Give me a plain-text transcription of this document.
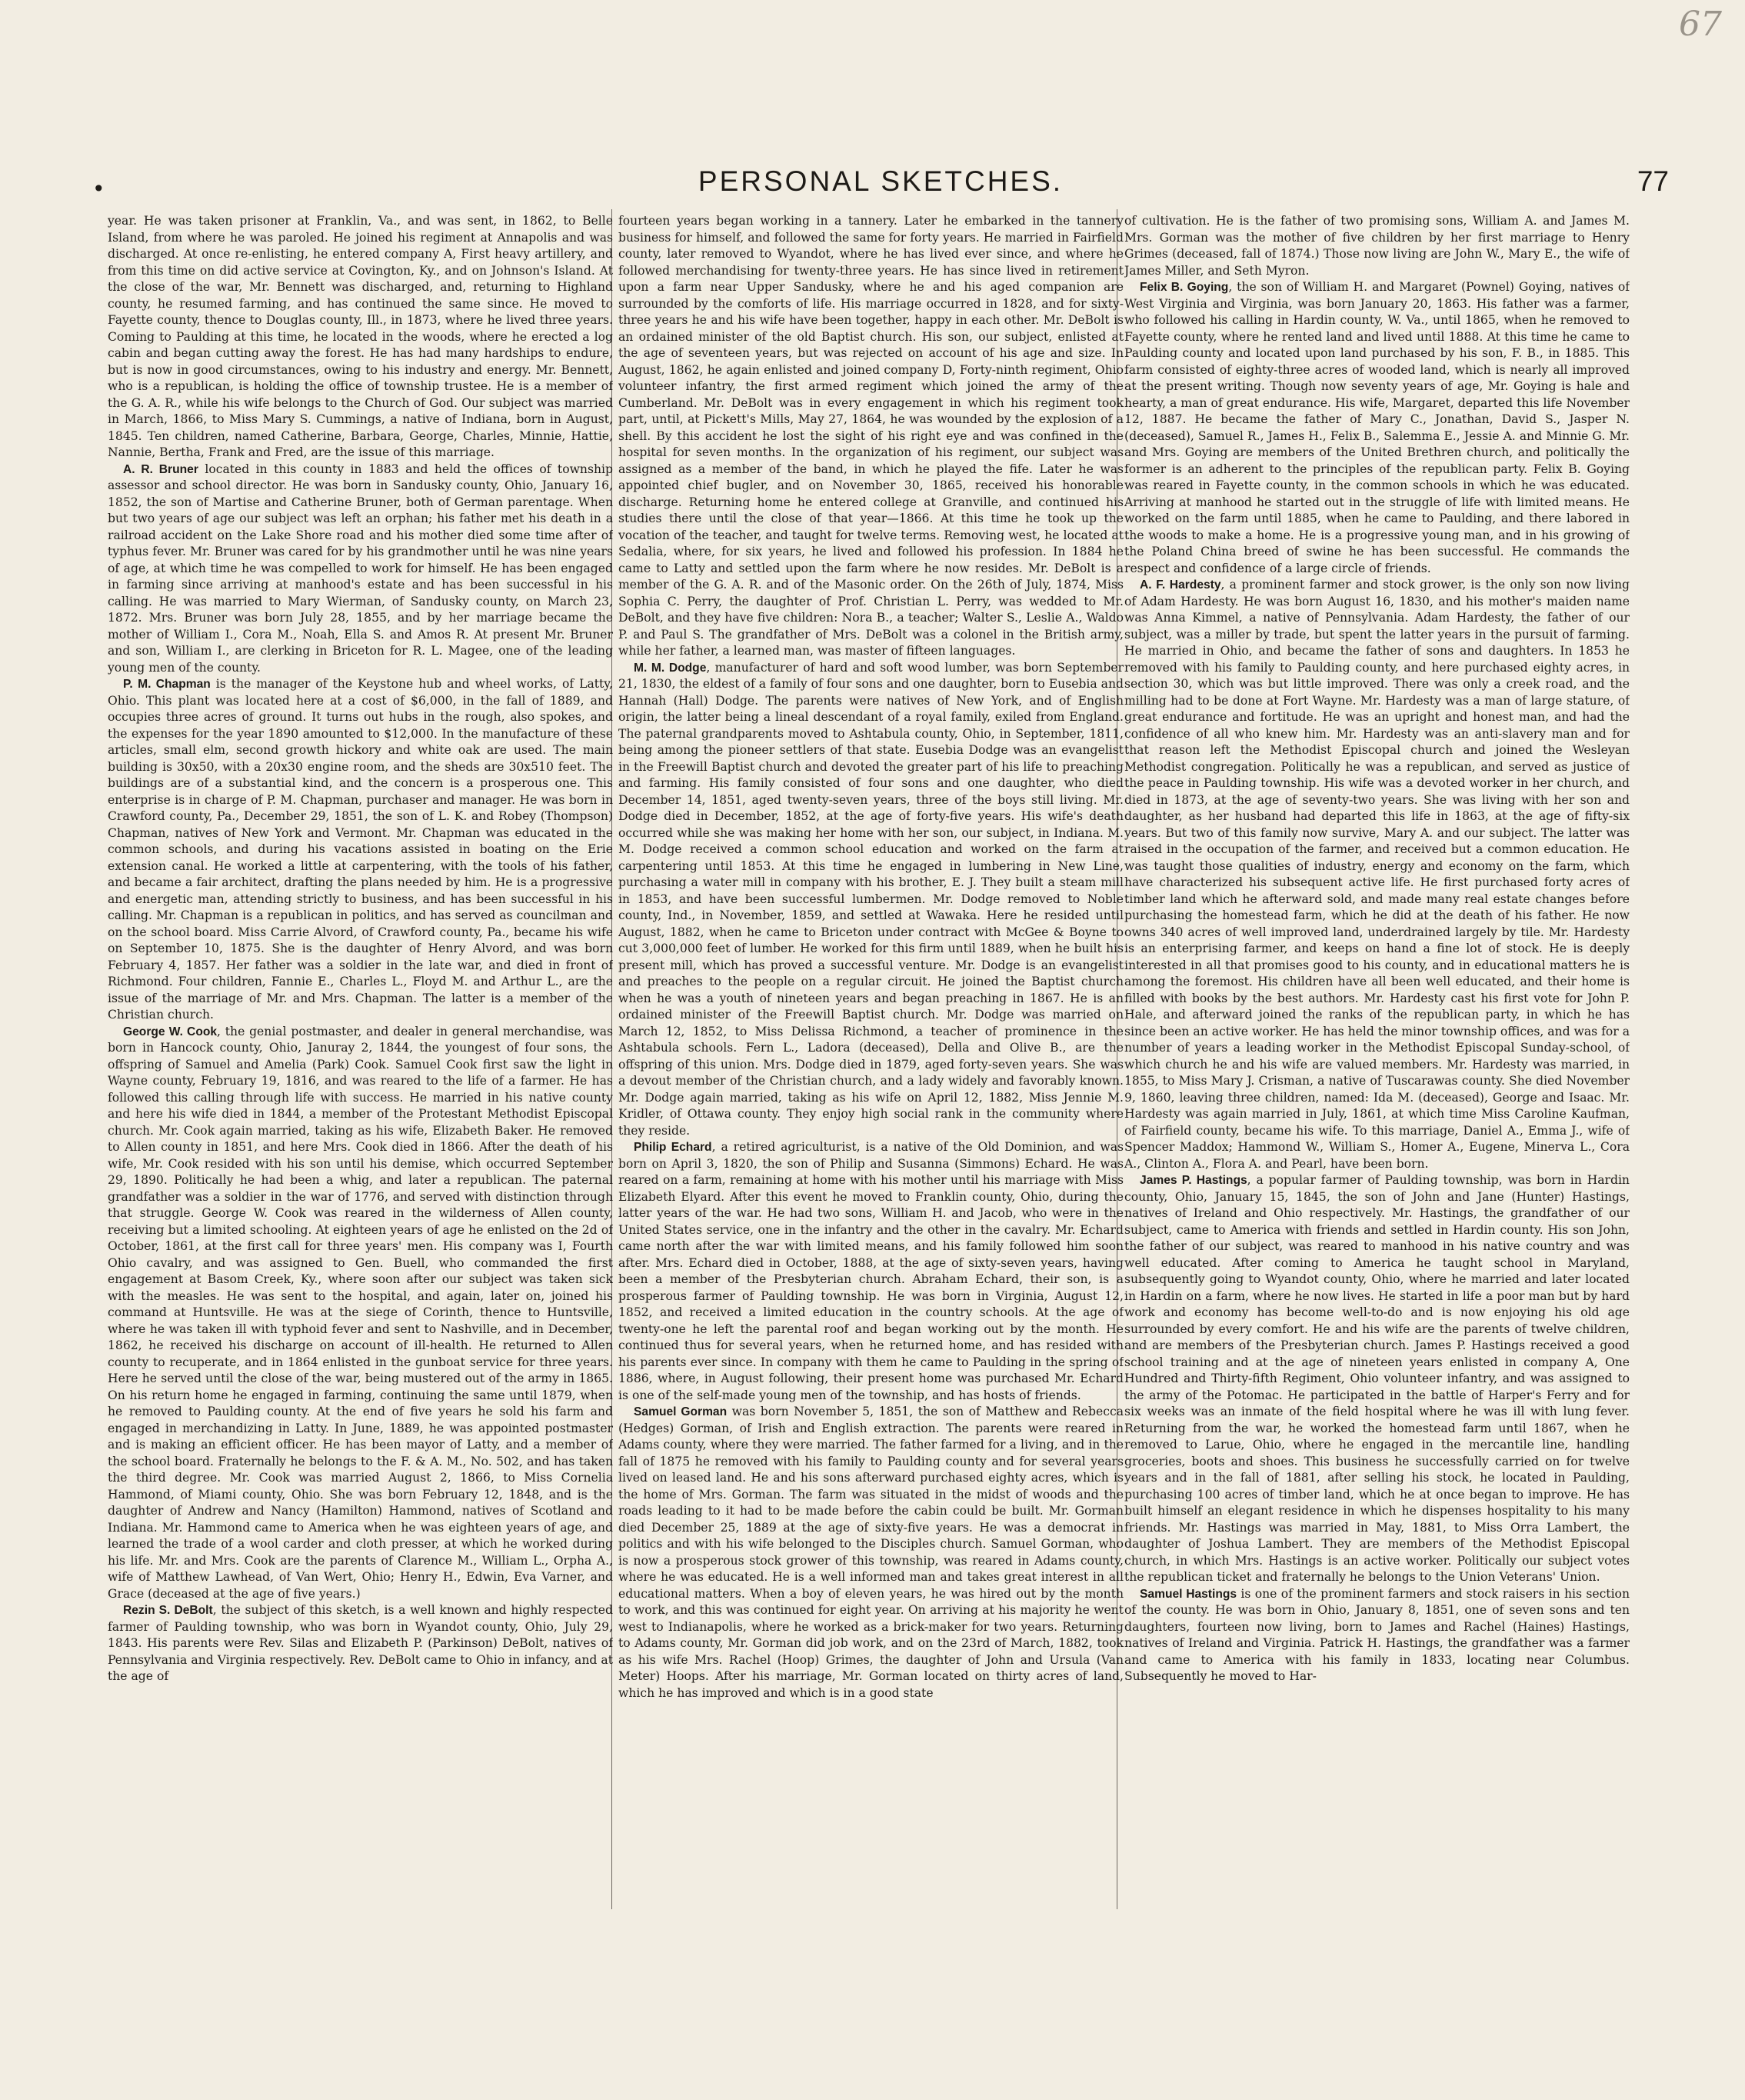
67
•	PERSONAL SKETCHES.	77

year. He was taken prisoner at Franklin, Va., and was sent, in 1862, to Belle Island, from where he was paroled. He joined his regiment at Annapolis and was discharged. At once re-enlisting, he entered company A, First heavy artillery, and from this time on did active service at Covington, Ky., and on Johnson's Island. At the close of the war, Mr. Bennett was discharged, and, returning to Highland county, he resumed farming, and has continued the same since. He moved to Fayette county, thence to Douglas county, Ill., in 1873, where he lived three years. Coming to Paulding at this time, he located in the woods, where he erected a log cabin and began cutting away the forest. He has had many hardships to endure, but is now in good circumstances, owing to his industry and energy. Mr. Bennett, who is a republican, is holding the office of township trustee. He is a member of the G. A. R., while his wife belongs to the Church of God. Our subject was married in March, 1866, to Miss Mary S. Cummings, a native of Indiana, born in August, 1845. Ten children, named Catherine, Barbara, George, Charles, Minnie, Hattie, Nannie, Bertha, Frank and Fred, are the issue of this marriage.

A. R. Bruner located in this county in 1883 and held the offices of township assessor and school director. He was born in Sandusky county, Ohio, January 16, 1852, the son of Martise and Catherine Bruner, both of German parentage. When but two years of age our subject was left an orphan; his father met his death in a railroad accident on the Lake Shore road and his mother died some time after of typhus fever. Mr. Bruner was cared for by his grandmother until he was nine years of age, at which time he was compelled to work for himself. He has been engaged in farming since arriving at manhood's estate and has been successful in his calling. He was married to Mary Wierman, of Sandusky county, on March 23, 1872. Mrs. Bruner was born July 28, 1855, and by her marriage became the mother of William I., Cora M., Noah, Ella S. and Amos R. At present Mr. Bruner and son, William I., are clerking in Briceton for R. L. Magee, one of the leading young men of the county.

P. M. Chapman is the manager of the Keystone hub and wheel works, of Latty, Ohio. This plant was located here at a cost of $6,000, in the fall of 1889, and occupies three acres of ground. It turns out hubs in the rough, also spokes, and the expenses for the year 1890 amounted to $12,000. In the manufacture of these articles, small elm, second growth hickory and white oak are used. The main building is 30x50, with a 20x30 engine room, and the sheds are 30x510 feet. The buildings are of a substantial kind, and the concern is a prosperous one. This enterprise is in charge of P. M. Chapman, purchaser and manager. He was born in Crawford county, Pa., December 29, 1851, the son of L. K. and Robey (Thompson) Chapman, natives of New York and Vermont. Mr. Chapman was educated in the common schools, and during his vacations assisted in boating on the Erie extension canal. He worked a little at carpentering, with the tools of his father, and became a fair architect, drafting the plans needed by him. He is a progressive and energetic man, attending strictly to business, and has been successful in his calling. Mr. Chapman is a republican in politics, and has served as councilman and on the school board. Miss Carrie Alvord, of Crawford county, Pa., became his wife on September 10, 1875. She is the daughter of Henry Alvord, and was born February 4, 1857. Her father was a soldier in the late war, and died in front of Richmond. Four children, Fannie E., Charles L., Floyd M. and Arthur L., are the issue of the marriage of Mr. and Mrs. Chapman. The latter is a member of the Christian church.

George W. Cook, the genial postmaster, and dealer in general merchandise, was born in Hancock county, Ohio, Januray 2, 1844, the youngest of four sons, the offspring of Samuel and Amelia (Park) Cook. Samuel Cook first saw the light in Wayne county, February 19, 1816, and was reared to the life of a farmer. He has followed this calling through life with success. He married in his native county and here his wife died in 1844, a member of the Protestant Methodist Episcopal church. Mr. Cook again married, taking as his wife, Elizabeth Baker. He removed to Allen county in 1851, and here Mrs. Cook died in 1866. After the death of his wife, Mr. Cook resided with his son until his demise, which occurred September 29, 1890. Politically he had been a whig, and later a republican. The paternal grandfather was a soldier in the war of 1776, and served with distinction through that struggle. George W. Cook was reared in the wilderness of Allen county, receiving but a limited schooling. At eighteen years of age he enlisted on the 2d of October, 1861, at the first call for three years' men. His company was I, Fourth Ohio cavalry, and was assigned to Gen. Buell, who commanded the first engagement at Basom Creek, Ky., where soon after our subject was taken sick with the measles. He was sent to the hospital, and again, later on, joined his command at Huntsville. He was at the siege of Corinth, thence to Huntsville, where he was taken ill with typhoid fever and sent to Nashville, and in December, 1862, he received his discharge on account of ill-health. He returned to Allen county to recuperate, and in 1864 enlisted in the gunboat service for three years. Here he served until the close of the war, being mustered out of the army in 1865. On his return home he engaged in farming, continuing the same until 1879, when he removed to Paulding county. At the end of five years he sold his farm and engaged in merchandizing in Latty. In June, 1889, he was appointed postmaster and is making an efficient officer. He has been mayor of Latty, and a member of the school board. Fraternally he belongs to the F. & A. M., No. 502, and has taken the third degree. Mr. Cook was married August 2, 1866, to Miss Cornelia Hammond, of Miami county, Ohio. She was born February 12, 1848, and is the daughter of Andrew and Nancy (Hamilton) Hammond, natives of Scotland and Indiana. Mr. Hammond came to America when he was eighteen years of age, and learned the trade of a wool carder and cloth presser, at which he worked during his life. Mr. and Mrs. Cook are the parents of Clarence M., William L., Orpha A., wife of Matthew Lawhead, of Van Wert, Ohio; Henry H., Edwin, Eva Varner, and Grace (deceased at the age of five years.)

Rezin S. DeBolt, the subject of this sketch, is a well known and highly respected farmer of Paulding township, who was born in Wyandot county, Ohio, July 29, 1843. His parents were Rev. Silas and Elizabeth P. (Parkinson) DeBolt, natives of Pennsylvania and Virginia respectively. Rev. DeBolt came to Ohio in infancy, and at the age of

fourteen years began working in a tannery. Later he embarked in the tannery business for himself, and followed the same for forty years. He married in Fairfield county, later removed to Wyandot, where he has lived ever since, and where he followed merchandising for twenty-three years. He has since lived in retirement upon a farm near Upper Sandusky, where he and his aged companion are surrounded by the comforts of life. His marriage occurred in 1828, and for sixty-three years he and his wife have been together, happy in each other. Mr. DeBolt is an ordained minister of the old Baptist church. His son, our subject, enlisted at the age of seventeen years, but was rejected on account of his age and size. In August, 1862, he again enlisted and joined company D, Forty-ninth regiment, Ohio volunteer infantry, the first armed regiment which joined the army of the Cumberland. Mr. DeBolt was in every engagement in which his regiment took part, until, at Pickett's Mills, May 27, 1864, he was wounded by the explosion of a shell. By this accident he lost the sight of his right eye and was confined in the hospital for seven months. In the organization of his regiment, our subject was assigned as a member of the band, in which he played the fife. Later he was appointed chief bugler, and on November 30, 1865, received his honorable discharge. Returning home he entered college at Granville, and continued his studies there until the close of that year—1866. At this time he took up the vocation of the teacher, and taught for twelve terms. Removing west, he located at Sedalia, where, for six years, he lived and followed his profession. In 1884 he came to Latty and settled upon the farm where he now resides. Mr. DeBolt is a member of the G. A. R. and of the Masonic order. On the 26th of July, 1874, Miss Sophia C. Perry, the daughter of Prof. Christian L. Perry, was wedded to Mr. DeBolt, and they have five children: Nora B., a teacher; Walter S., Leslie A., Waldo P. and Paul S. The grandfather of Mrs. DeBolt was a colonel in the British army, while her father, a learned man, was master of fifteen languages.

M. M. Dodge, manufacturer of hard and soft wood lumber, was born September 21, 1830, the eldest of a family of four sons and one daughter, born to Eusebia and Hannah (Hall) Dodge. The parents were natives of New York, and of English origin, the latter being a lineal descendant of a royal family, exiled from England. The paternal grandparents moved to Ashtabula county, Ohio, in September, 1811, being among the pioneer settlers of that state. Eusebia Dodge was an evangelist in the Freewill Baptist church and devoted the greater part of his life to preaching and farming. His family consisted of four sons and one daughter, who died December 14, 1851, aged twenty-seven years, three of the boys still living. Mr. Dodge died in December, 1852, at the age of forty-five years. His wife's death occurred while she was making her home with her son, our subject, in Indiana. M. M. Dodge received a common school education and worked on the farm at carpentering until 1853. At this time he engaged in lumbering in New Line, purchasing a water mill in company with his brother, E. J. They built a steam mill in 1853, and have been successful lumbermen. Mr. Dodge removed to Noble county, Ind., in November, 1859, and settled at Wawaka. Here he resided until August, 1882, when he came to Briceton under contract with McGee & Boyne to cut 3,000,000 feet of lumber. He worked for this firm until 1889, when he built his present mill, which has proved a successful venture. Mr. Dodge is an evangelist and preaches to the people on a regular circuit. He joined the Baptist church when he was a youth of nineteen years and began preaching in 1867. He is an ordained minister of the Freewill Baptist church. Mr. Dodge was married on March 12, 1852, to Miss Delissa Richmond, a teacher of prominence in the Ashtabula schools. Fern L., Ladora (deceased), Della and Olive B., are the offspring of this union. Mrs. Dodge died in 1879, aged forty-seven years. She was a devout member of the Christian church, and a lady widely and favorably known. Mr. Dodge again married, taking as his wife on April 12, 1882, Miss Jennie M. Kridler, of Ottawa county. They enjoy high social rank in the community where they reside.

Philip Echard, a retired agriculturist, is a native of the Old Dominion, and was born on April 3, 1820, the son of Philip and Susanna (Simmons) Echard. He was reared on a farm, remaining at home with his mother until his marriage with Miss Elizabeth Elyard. After this event he moved to Franklin county, Ohio, during the latter years of the war. He had two sons, William H. and Jacob, who were in the United States service, one in the infantry and the other in the cavalry. Mr. Echard came north after the war with limited means, and his family followed him soon after. Mrs. Echard died in October, 1888, at the age of sixty-seven years, having been a member of the Presbyterian church. Abraham Echard, their son, is a prosperous farmer of Paulding township. He was born in Virginia, August 12, 1852, and received a limited education in the country schools. At the age of twenty-one he left the parental roof and began working out by the month. He continued thus for several years, when he returned home, and has resided with his parents ever since. In company with them he came to Paulding in the spring of 1886, where, in August following, their present home was purchased Mr. Echard is one of the self-made young men of the township, and has hosts of friends.

Samuel Gorman was born November 5, 1851, the son of Matthew and Rebecca (Hedges) Gorman, of Irish and English extraction. The parents were reared in Adams county, where they were married. The father farmed for a living, and in the fall of 1875 he removed with his family to Paulding county and for several years lived on leased land. He and his sons afterward purchased eighty acres, which is the home of Mrs. Gorman. The farm was situated in the midst of woods and the roads leading to it had to be made before the cabin could be built. Mr. Gorman died December 25, 1889 at the age of sixty-five years. He was a democrat in politics and with his wife belonged to the Disciples church. Samuel Gorman, who is now a prosperous stock grower of this township, was reared in Adams county, where he was educated. He is a well informed man and takes great interest in all educational matters. When a boy of eleven years, he was hired out by the month to work, and this was continued for eight year. On arriving at his majority he went west to Indianapolis, where he worked as a brick-maker for two years. Returning to Adams county, Mr. Gorman did job work, and on the 23rd of March, 1882, took as his wife Mrs. Rachel (Hoop) Grimes, the daughter of John and Ursula (Van Meter) Hoops. After his marriage, Mr. Gorman located on thirty acres of land, which he has improved and which is in a good state

of cultivation. He is the father of two promising sons, William A. and James M. Mrs. Gorman was the mother of five children by her first marriage to Henry Grimes (deceased, fall of 1874.) Those now living are John W., Mary E., the wife of James Miller, and Seth Myron.

Felix B. Goying, the son of William H. and Margaret (Pownel) Goying, natives of West Virginia and Virginia, was born January 20, 1863. His father was a farmer, who followed his calling in Hardin county, W. Va., until 1865, when he removed to Fayette county, where he rented land and lived until 1888. At this time he came to Paulding county and located upon land purchased by his son, F. B., in 1885. This farm consisted of eighty-three acres of wooded land, which is nearly all improved at the present writing. Though now seventy years of age, Mr. Goying is hale and hearty, a man of great endurance. His wife, Margaret, departed this life November 12, 1887. He became the father of Mary C., Jonathan, David S., Jasper N. (deceased), Samuel R., James H., Felix B., Salemma E., Jessie A. and Minnie G. Mr. and Mrs. Goying are members of the United Brethren church, and politically the former is an adherent to the principles of the republican party. Felix B. Goying was reared in Fayette county, in the common schools in which he was educated. Arriving at manhood he started out in the struggle of life with limited means. He worked on the farm until 1885, when he came to Paulding, and there labored in the woods to make a home. He is a progressive young man, and in his growing of the Poland China breed of swine he has been successful. He commands the respect and confidence of a large circle of friends.

A. F. Hardesty, a prominent farmer and stock grower, is the only son now living of Adam Hardesty. He was born August 16, 1830, and his mother's maiden name was Anna Kimmel, a native of Pennsylvania. Adam Hardesty, the father of our subject, was a miller by trade, but spent the latter years in the pursuit of farming. He married in Ohio, and became the father of sons and daughters. In 1853 he removed with his family to Paulding county, and here purchased eighty acres, in section 30, which was but little improved. There was only a creek road, and the milling had to be done at Fort Wayne. Mr. Hardesty was a man of large stature, of great endurance and fortitude. He was an upright and honest man, and had the confidence of all who knew him. Mr. Hardesty was an anti-slavery man and for that reason left the Methodist Episcopal church and joined the Wesleyan Methodist congregation. Politically he was a republican, and served as justice of the peace in Paulding township. His wife was a devoted worker in her church, and died in 1873, at the age of seventy-two years. She was living with her son and daughter, as her husband had departed this life in 1863, at the age of fifty-six years. But two of this family now survive, Mary A. and our subject. The latter was raised in the occupation of the farmer, and received but a common education. He was taught those qualities of industry, energy and economy on the farm, which have characterized his subsequent active life. He first purchased forty acres of timber land which he afterward sold, and made many real estate changes before purchasing the homestead farm, which he did at the death of his father. He now owns 340 acres of well improved land, underdrained largely by tile. Mr. Hardesty is an enterprising farmer, and keeps on hand a fine lot of stock. He is deeply interested in all that promises good to his county, and in educational matters he is among the foremost. His children have all been well educated, and their home is filled with books by the best authors. Mr. Hardesty cast his first vote for John P. Hale, and afterward joined the ranks of the republican party, in which he has since been an active worker. He has held the minor township offices, and was for a number of years a leading worker in the Methodist Episcopal Sunday-school, of which church he and his wife are valued members. Mr. Hardesty was married, in 1855, to Miss Mary J. Crisman, a native of Tuscarawas county. She died November 9, 1860, leaving three children, named: Ida M. (deceased), George and Isaac. Mr. Hardesty was again married in July, 1861, at which time Miss Caroline Kaufman, of Fairfield county, became his wife. To this marriage, Daniel A., Emma J., wife of Spencer Maddox; Hammond W., William S., Homer A., Eugene, Minerva L., Cora A., Clinton A., Flora A. and Pearl, have been born.

James P. Hastings, a popular farmer of Paulding township, was born in Hardin county, Ohio, January 15, 1845, the son of John and Jane (Hunter) Hastings, natives of Ireland and Ohio respectively. Mr. Hastings, the grandfather of our subject, came to America with friends and settled in Hardin county. His son John, the father of our subject, was reared to manhood in his native country and was well educated. After coming to America he taught school in Maryland, subsequently going to Wyandot county, Ohio, where he married and later located in Hardin on a farm, where he now lives. He started in life a poor man but by hard work and economy has become well-to-do and is now enjoying his old age surrounded by every comfort. He and his wife are the parents of twelve children, and are members of the Presbyterian church. James P. Hastings received a good school training and at the age of nineteen years enlisted in company A, One Hundred and Thirty-fifth Regiment, Ohio volunteer infantry, and was assigned to the army of the Potomac. He participated in the battle of Harper's Ferry and for six weeks was an inmate of the field hospital where he was ill with lung fever. Returning from the war, he worked the homestead farm until 1867, when he removed to Larue, Ohio, where he engaged in the mercantile line, handling groceries, boots and shoes. This business he successfully carried on for twelve years and in the fall of 1881, after selling his stock, he located in Paulding, purchasing 100 acres of timber land, which he at once began to improve. He has built himself an elegant residence in which he dispenses hospitality to his many friends. Mr. Hastings was married in May, 1881, to Miss Orra Lambert, the daughter of Joshua Lambert. They are members of the Methodist Episcopal church, in which Mrs. Hastings is an active worker. Politically our subject votes the republican ticket and fraternally he belongs to the Union Veterans' Union.

Samuel Hastings is one of the prominent farmers and stock raisers in his section of the county. He was born in Ohio, January 8, 1851, one of seven sons and ten daughters, fourteen now living, born to James and Rachel (Haines) Hastings, natives of Ireland and Virginia. Patrick H. Hastings, the grandfather was a farmer and came to America with his family in 1833, locating near Columbus. Subsequently he moved to Har-
